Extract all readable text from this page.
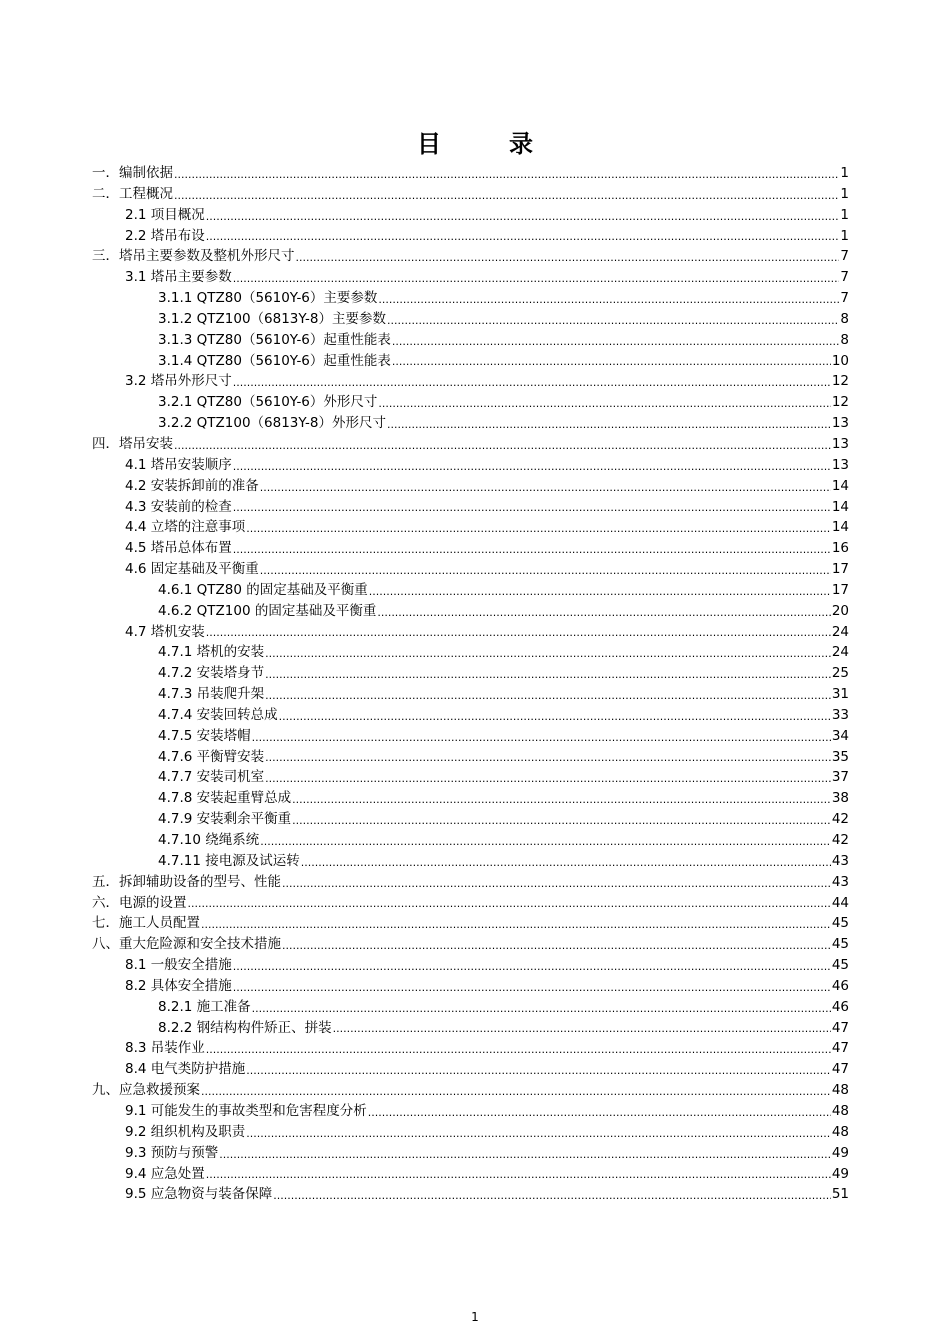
目　录
一．编制依据 .....	1
二．工程概况 .....	1
2.1 项目概况 .....	1
2.2 塔吊布设 .....	1
三．塔吊主要参数及整机外形尺寸 .....	7
3.1 塔吊主要参数 .....	7
3.1.1 QTZ80（5610Y-6）主要参数 .....	7
3.1.2 QTZ100（6813Y-8）主要参数 .....	8
3.1.3 QTZ80（5610Y-6）起重性能表 .....	8
3.1.4 QTZ80（5610Y-6）起重性能表 .....	10
3.2 塔吊外形尺寸 .....	12
3.2.1 QTZ80（5610Y-6）外形尺寸 .....	12
3.2.2 QTZ100（6813Y-8）外形尺寸 .....	13
四．塔吊安装 .....	13
4.1 塔吊安装顺序 .....	13
4.2 安装拆卸前的准备 .....	14
4.3 安装前的检查 .....	14
4.4 立塔的注意事项 .....	14
4.5 塔吊总体布置 .....	16
4.6 固定基础及平衡重 .....	17
4.6.1 QTZ80 的固定基础及平衡重 .....	17
4.6.2 QTZ100 的固定基础及平衡重 .....	20
4.7 塔机安装 .....	24
4.7.1 塔机的安装 .....	24
4.7.2 安装塔身节 .....	25
4.7.3 吊装爬升架 .....	31
4.7.4 安装回转总成 .....	33
4.7.5 安装塔帽 .....	34
4.7.6 平衡臂安装 .....	35
4.7.7 安装司机室 .....	37
4.7.8 安装起重臂总成 .....	38
4.7.9 安装剩余平衡重 .....	42
4.7.10 绕绳系统 .....	42
4.7.11 接电源及试运转 .....	43
五．拆卸辅助设备的型号、性能 .....	43
六．电源的设置 .....	44
七．施工人员配置 .....	45
八、重大危险源和安全技术措施 .....	45
8.1 一般安全措施 .....	45
8.2 具体安全措施 .....	46
8.2.1 施工准备 .....	46
8.2.2 钢结构构件矫正、拼装 .....	47
8.3 吊装作业 .....	47
8.4 电气类防护措施 .....	47
九、应急救援预案 .....	48
9.1 可能发生的事故类型和危害程度分析 .....	48
9.2 组织机构及职责 .....	48
9.3 预防与预警 .....	49
9.4 应急处置 .....	49
9.5 应急物资与装备保障 .....	51
1
